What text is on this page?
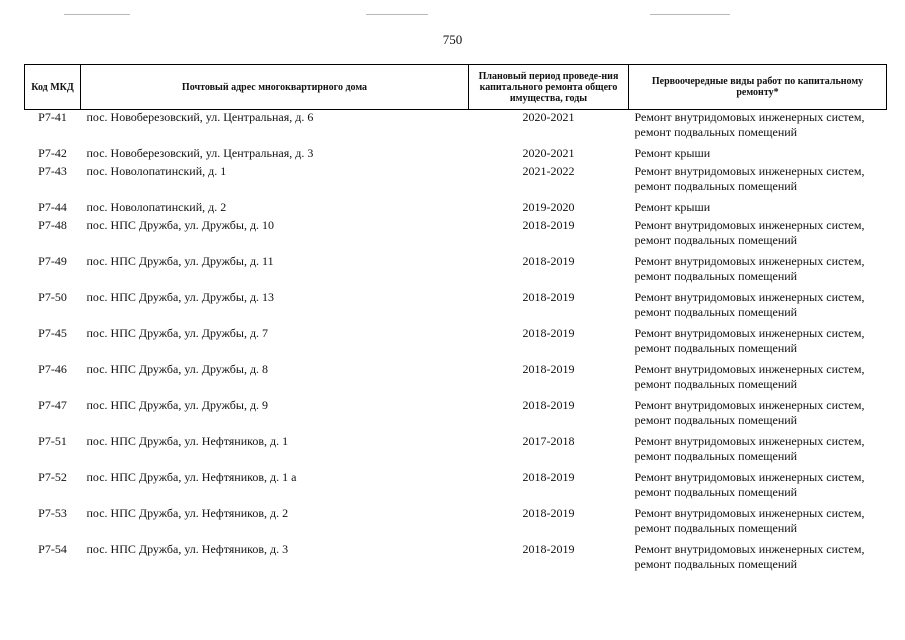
750
Код МКД	Почтовый адрес многоквартирного дома	Плановый период проведе-ния капитального ремонта общего имущества, годы	Первоочередные виды работ по капитальному ремонту*
Р7-41	пос. Новоберезовский, ул. Центральная, д. 6	2020-2021	Ремонт внутридомовых инженерных систем,
ремонт подвальных помещений

Р7-42	пос. Новоберезовский, ул. Центральная, д. 3	2020-2021	Ремонт крыши

Р7-43	пос. Новолопатинский, д. 1	2021-2022	Ремонт внутридомовых инженерных систем,
ремонт подвальных помещений

Р7-44	пос. Новолопатинский, д. 2	2019-2020	Ремонт крыши

Р7-48	пос. НПС Дружба, ул. Дружбы, д. 10	2018-2019	Ремонт внутридомовых инженерных систем,
ремонт подвальных помещений

Р7-49	пос. НПС Дружба, ул. Дружбы, д. 11	2018-2019	Ремонт внутридомовых инженерных систем,
ремонт подвальных помещений

Р7-50	пос. НПС Дружба, ул. Дружбы, д. 13	2018-2019	Ремонт внутридомовых инженерных систем,
ремонт подвальных помещений

Р7-45	пос. НПС Дружба, ул. Дружбы, д. 7	2018-2019	Ремонт внутридомовых инженерных систем,
ремонт подвальных помещений

Р7-46	пос. НПС Дружба, ул. Дружбы, д. 8	2018-2019	Ремонт внутридомовых инженерных систем,
ремонт подвальных помещений

Р7-47	пос. НПС Дружба, ул. Дружбы, д. 9	2018-2019	Ремонт внутридомовых инженерных систем,
ремонт подвальных помещений

Р7-51	пос. НПС Дружба, ул. Нефтяников, д. 1	2017-2018	Ремонт внутридомовых инженерных систем,
ремонт подвальных помещений

Р7-52	пос. НПС Дружба, ул. Нефтяников, д. 1 а	2018-2019	Ремонт внутридомовых инженерных систем,
ремонт подвальных помещений

Р7-53	пос. НПС Дружба, ул. Нефтяников, д. 2	2018-2019	Ремонт внутридомовых инженерных систем,
ремонт подвальных помещений

Р7-54	пос. НПС Дружба, ул. Нефтяников, д. 3	2018-2019	Ремонт внутридомовых инженерных систем,
ремонт подвальных помещений
